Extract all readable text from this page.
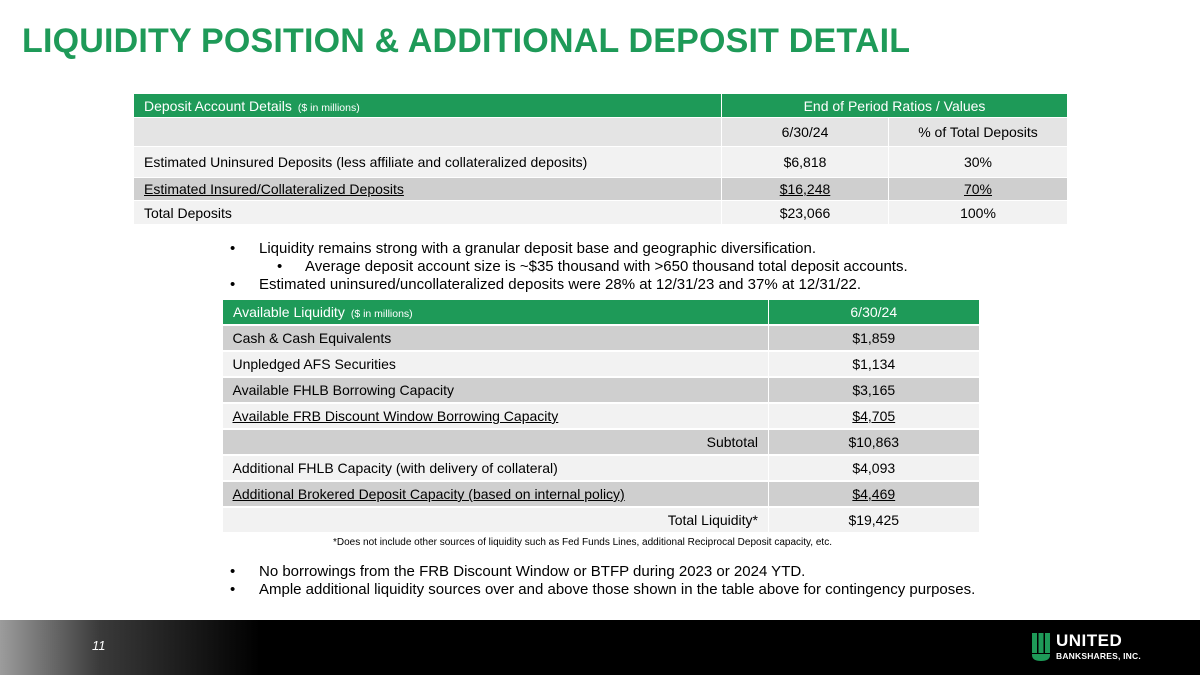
LIQUIDITY POSITION & ADDITIONAL DEPOSIT DETAIL
Deposit Account Details ($ in millions)	End of Period Ratios / Values	
	6/30/24	% of Total Deposits
Estimated Uninsured Deposits (less affiliate and collateralized deposits)	$6,818	30%
Estimated Insured/Collateralized Deposits	$16,248	70%
Total Deposits	$23,066	100%
• Liquidity remains strong with a granular deposit base and geographic diversification.
• Average deposit account size is ~$35 thousand with >650 thousand total deposit accounts.
• Estimated uninsured/uncollateralized deposits were 28% at 12/31/23 and 37% at 12/31/22.
Available Liquidity ($ in millions)	6/30/24
Cash & Cash Equivalents	$1,859
Unpledged AFS Securities	$1,134
Available FHLB Borrowing Capacity	$3,165
Available FRB Discount Window Borrowing Capacity	$4,705
Subtotal	$10,863
Additional FHLB Capacity (with delivery of collateral)	$4,093
Additional Brokered Deposit Capacity (based on internal policy)	$4,469
Total Liquidity*	$19,425
*Does not include other sources of liquidity such as Fed Funds Lines, additional Reciprocal Deposit capacity, etc.
• No borrowings from the FRB Discount Window or BTFP during 2023 or 2024 YTD.
• Ample additional liquidity sources over and above those shown in the table above for contingency purposes.
11	UNITED
BANKSHARES, INC.
